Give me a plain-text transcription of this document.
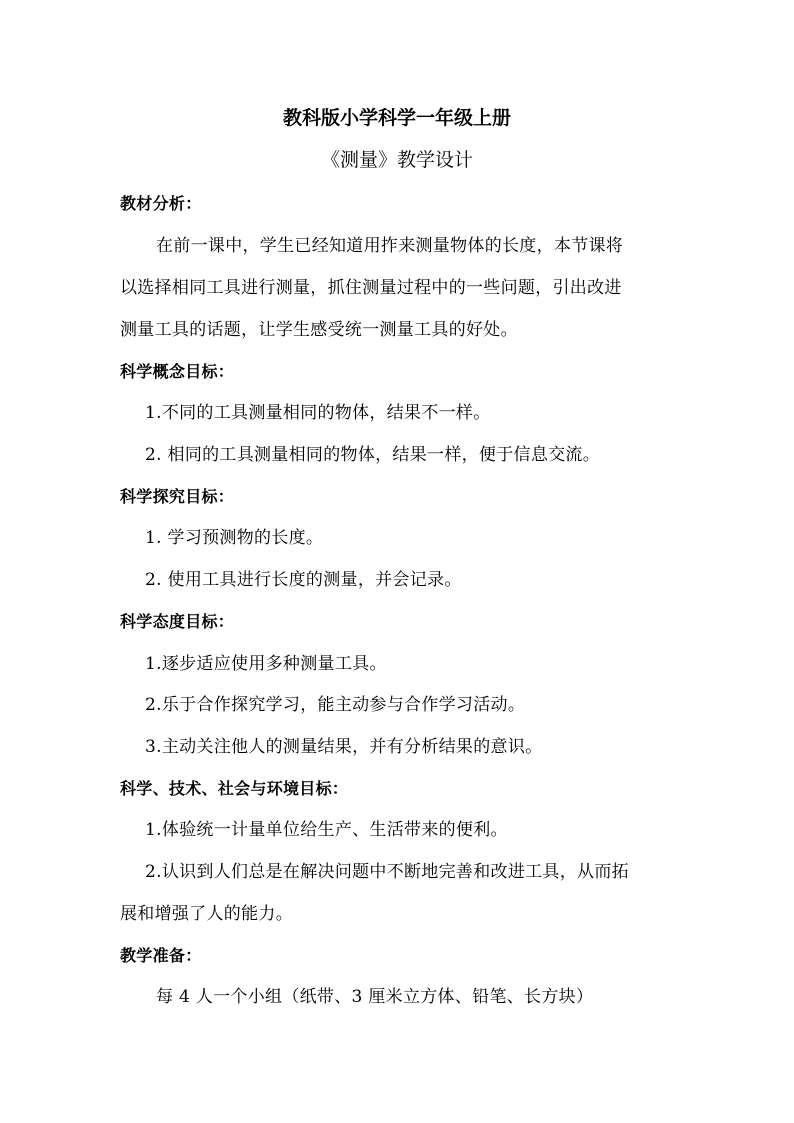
教科版小学科学一年级上册
《测量》教学设计
教材分析：
在前一课中，学生已经知道用拃来测量物体的长度，本节课将
以选择相同工具进行测量，抓住测量过程中的一些问题，引出改进
测量工具的话题，让学生感受统一测量工具的好处。
科学概念目标：
1.不同的工具测量相同的物体，结果不一样。
2. 相同的工具测量相同的物体，结果一样，便于信息交流。
科学探究目标：
1. 学习预测物的长度。
2. 使用工具进行长度的测量，并会记录。
科学态度目标：
1.逐步适应使用多种测量工具。
2.乐于合作探究学习，能主动参与合作学习活动。
3.主动关注他人的测量结果，并有分析结果的意识。
科学、技术、社会与环境目标：
1.体验统一计量单位给生产、生活带来的便利。
2.认识到人们总是在解决问题中不断地完善和改进工具，从而拓
展和增强了人的能力。
教学准备：
每 4 人一个小组（纸带、3 厘米立方体、铅笔、长方块）
